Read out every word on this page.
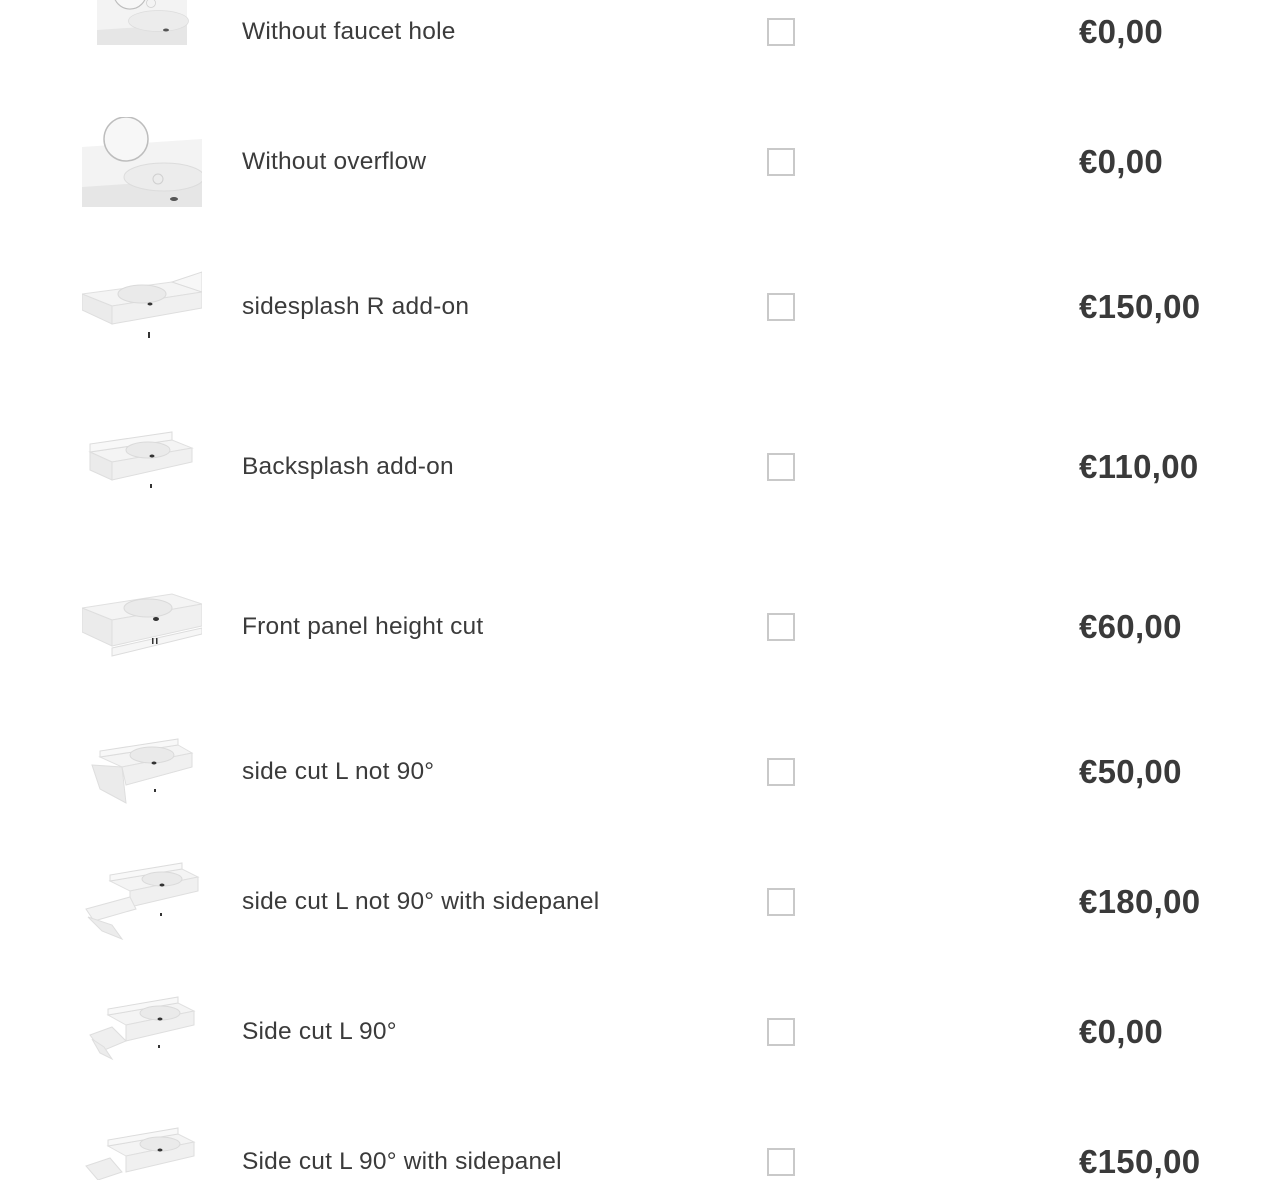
Without faucet hole	€0,00
Without overflow	€0,00
sidesplash R add-on	€150,00
Backsplash add-on	€110,00
Front panel height cut	€60,00
side cut L not 90°	€50,00
side cut L not 90° with sidepanel	€180,00
Side cut L 90°	€0,00
Side cut L 90° with sidepanel	€150,00
